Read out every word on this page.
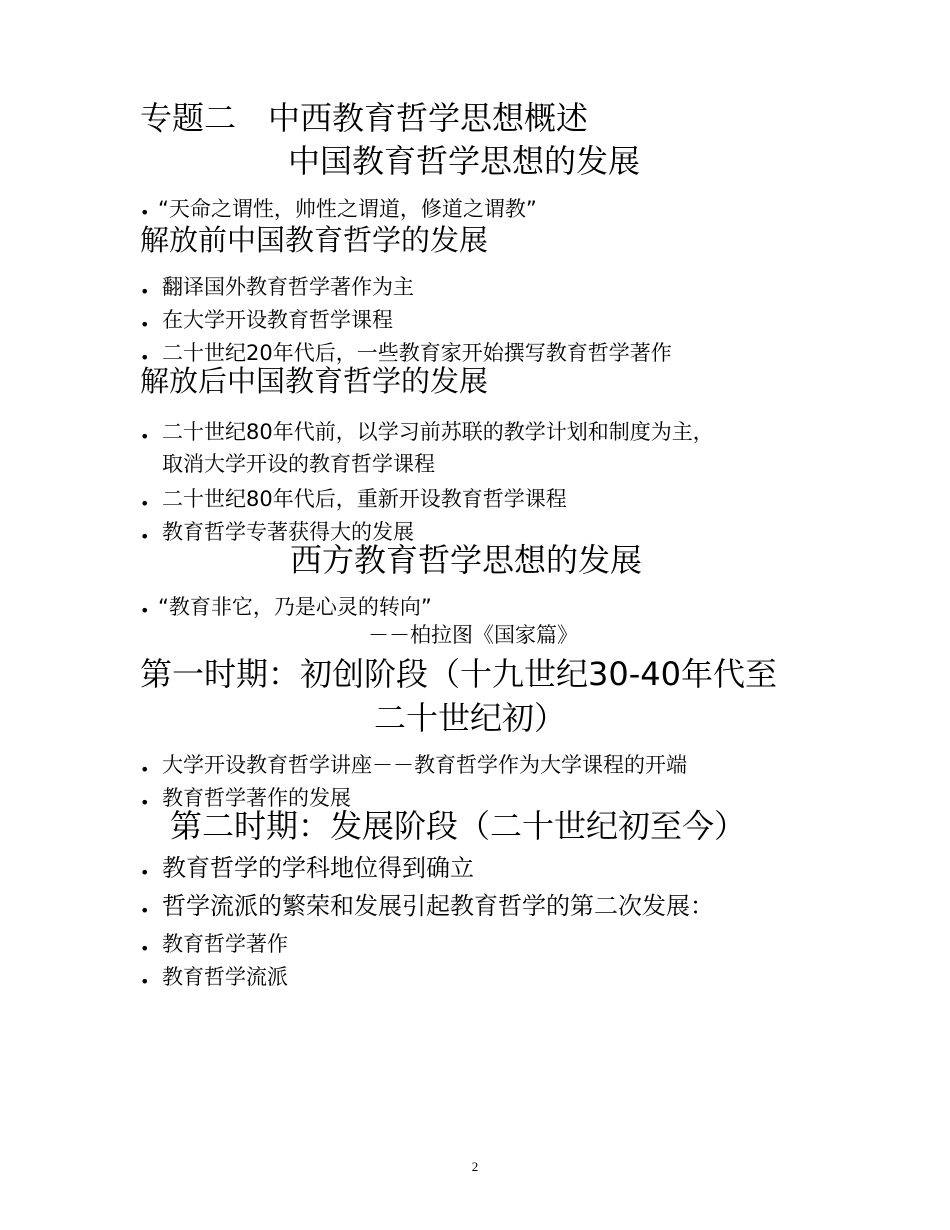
专题二　中西教育哲学思想概述
中国教育哲学思想的发展
• “天命之谓性，帅性之谓道，修道之谓教”
解放前中国教育哲学的发展
• 翻译国外教育哲学著作为主
• 在大学开设教育哲学课程
• 二十世纪20年代后，一些教育家开始撰写教育哲学著作
解放后中国教育哲学的发展
• 二十世纪80年代前，以学习前苏联的教学计划和制度为主，
取消大学开设的教育哲学课程
• 二十世纪80年代后，重新开设教育哲学课程
• 教育哲学专著获得大的发展
西方教育哲学思想的发展
• “教育非它，乃是心灵的转向”
－－柏拉图《国家篇》
第一时期：初创阶段（十九世纪30-40年代至
二十世纪初）
• 大学开设教育哲学讲座－－教育哲学作为大学课程的开端
• 教育哲学著作的发展
第二时期：发展阶段（二十世纪初至今）
• 教育哲学的学科地位得到确立
• 哲学流派的繁荣和发展引起教育哲学的第二次发展：
• 教育哲学著作
• 教育哲学流派
2
